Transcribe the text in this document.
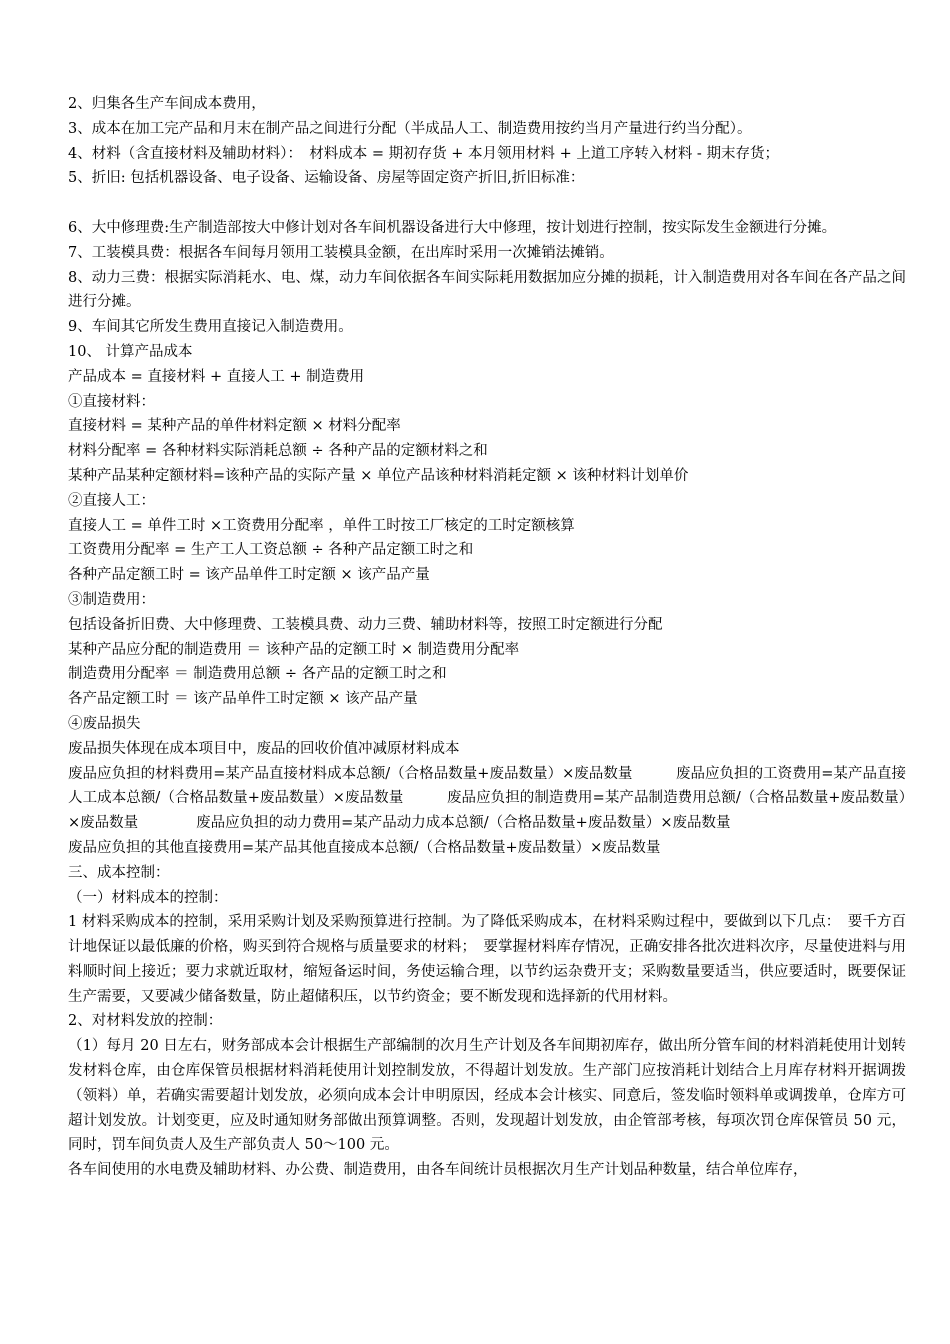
2、归集各生产车间成本费用，
3、成本在加工完产品和月末在制产品之间进行分配（半成品人工、制造费用按约当月产量进行约当分配）。
4、材料（含直接材料及辅助材料）：　材料成本 = 期初存货 + 本月领用材料 + 上道工序转入材料 - 期末存货；
5、折旧: 包括机器设备、电子设备、运输设备、房屋等固定资产折旧,折旧标准：
6、大中修理费:生产制造部按大中修计划对各车间机器设备进行大中修理，按计划进行控制，按实际发生金额进行分摊。
7、工装模具费：根据各车间每月领用工装模具金额，在出库时采用一次摊销法摊销。
8、动力三费：根据实际消耗水、电、煤，动力车间依据各车间实际耗用数据加应分摊的损耗，计入制造费用对各车间在各产品之间进行分摊。
9、车间其它所发生费用直接记入制造费用。
10、 计算产品成本
产品成本 = 直接材料 + 直接人工 + 制造费用
①直接材料：
直接材料 = 某种产品的单件材料定额 × 材料分配率
材料分配率 = 各种材料实际消耗总额 ÷ 各种产品的定额材料之和
某种产品某种定额材料=该种产品的实际产量 × 单位产品该种材料消耗定额 × 该种材料计划单价
②直接人工：
直接人工 = 单件工时 ×工资费用分配率 ，单件工时按工厂核定的工时定额核算
工资费用分配率 = 生产工人工资总额 ÷ 各种产品定额工时之和
各种产品定额工时 = 该产品单件工时定额 × 该产品产量
③制造费用：
包括设备折旧费、大中修理费、工装模具费、动力三费、辅助材料等，按照工时定额进行分配
某种产品应分配的制造费用 ＝ 该种产品的定额工时 × 制造费用分配率
制造费用分配率 ＝ 制造费用总额 ÷ 各产品的定额工时之和
各产品定额工时 ＝ 该产品单件工时定额 × 该产品产量
④废品损失
废品损失体现在成本项目中，废品的回收价值冲减原材料成本
废品应负担的材料费用=某产品直接材料成本总额/（合格品数量+废品数量）×废品数量　　　废品应负担的工资费用=某产品直接人工成本总额/（合格品数量+废品数量）×废品数量　　　废品应负担的制造费用=某产品制造费用总额/（合格品数量+废品数量）×废品数量　　　　废品应负担的动力费用=某产品动力成本总额/（合格品数量+废品数量）×废品数量
废品应负担的其他直接费用=某产品其他直接成本总额/（合格品数量+废品数量）×废品数量
三、成本控制：
（一）材料成本的控制：
1 材料采购成本的控制，采用采购计划及采购预算进行控制。为了降低采购成本，在材料采购过程中，要做到以下几点：　要千方百计地保证以最低廉的价格，购买到符合规格与质量要求的材料；　要掌握材料库存情况，正确安排各批次进料次序，尽量使进料与用料顺时间上接近；要力求就近取材，缩短备运时间，务使运输合理，以节约运杂费开支；采购数量要适当，供应要适时，既要保证生产需要，又要减少储备数量，防止超储积压，以节约资金；要不断发现和选择新的代用材料。
2、对材料发放的控制：
（1）每月 20 日左右，财务部成本会计根据生产部编制的次月生产计划及各车间期初库存，做出所分管车间的材料消耗使用计划转发材料仓库，由仓库保管员根据材料消耗使用计划控制发放，不得超计划发放。生产部门应按消耗计划结合上月库存材料开据调拨（领料）单，若确实需要超计划发放，必须向成本会计申明原因，经成本会计核实、同意后，签发临时领料单或调拨单，仓库方可超计划发放。计划变更，应及时通知财务部做出预算调整。否则，发现超计划发放，由企管部考核，每项次罚仓库保管员 50 元，同时，罚车间负责人及生产部负责人 50～100 元。
各车间使用的水电费及辅助材料、办公费、制造费用，由各车间统计员根据次月生产计划品种数量，结合单位库存，
